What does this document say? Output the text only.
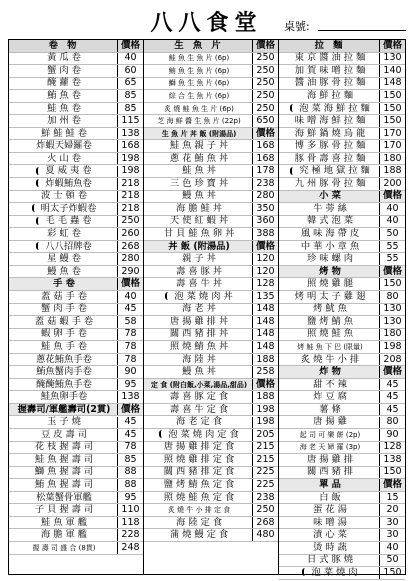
八八食堂	桌號:
卷 物	價格
黃 瓜 卷	40
蟹 肉 卷	60
醃 蘿 卷	65
鮪 魚 卷	85
鮭 魚 卷	85
加 州 卷	115
鮮 鮭 鮭 卷	138
炸蝦天婦羅卷	168
火 山 卷	198
夏 威 夷 卷	198
炸蝦鮪魚卷	218
波 士 頓 卷	218
明太子炸蝦卷	218
毛 毛 蟲 卷	250
彩 虹 卷	260
八八招牌卷	268
星 鰻 卷	280
鰻 魚 卷	290
手 卷	價格
蓋 菇 手 卷	40
蟹 肉 手 卷	45
蓋 菇 蝦 手 卷	58
蝦 卵 手 卷	78
鮭 魚 手 卷	78
蔥花鮪魚手卷	78
鮪魚蟹肉手卷	90
醃醃鮪魚手卷	95
鮭魚卵手卷	138
握壽司/軍艦壽司(2貫)	價格
玉 子 燒	45
豆 皮 壽 司	45
花 枝 握 壽 司	78
鮭 魚 握 壽 司	85
鰤 魚 握 壽 司	88
鮪 魚 握 壽 司	88
松葉蟹骨軍艦	95
子 貝 握 壽 司	110
鮭 魚 軍 艦	118
海 膽 軍 艦	228
握 壽 司 盛 合 (8貫)	248
生 魚 片	價格
鮭 魚 生 魚 片 (6p)	250
鮪 魚 生 魚 片 (6p)	250
鰤 魚 生 魚 片 (6p)	250
綜 合 生 魚 片 (6p)	250
炙 燒 鮭 魚 生 片 (6p)	250
芝 海 鮮 醬 生 魚 片 (22p)	650
生 魚 片 丼 飯 (附湯品)	價格
鮭 魚 親 子 丼	168
蔥 花 鮪 魚 丼	168
鮭 魚 丼	178
三 色 珍 寶 丼	238
鰻 魚 丼	280
海 膽 鮭 丼	350
天 使 紅 蝦 丼	360
甘 貝 鮭 魚 卵 丼	388
丼 飯 (附湯品)	價格
親 子 丼	120
壽 喜 豚 丼	120
壽 喜 牛 丼	128
泡 菜 燒 肉 丼	135
海 老 丼	148
唐 揚 雞 排 丼	148
關 西 豬 排 丼	148
照 燒 鯖 魚 丼	148
海 陸 丼	188
鰻 魚 丼	258
定 食 (附白飯,小菜,湯品,甜品) 價格
壽 喜 豚 定 食	188
壽 喜 牛 定 食	198
海 老 定 食	198
泡 菜 燒 肉 定 食	205
唐 揚 雞 排 定 食	215
照 燒 雞 排 定 食	215
關 西 豬 排 定 食	225
鹽 烤 鯖 魚 定 食	225
照 燒 鮭 魚 定 食	238
炙 燒 牛 小 排 定 食	250
海 陸 定 食	268
蒲 燒 鰻 定 食	480
拉 麵	價格
東 京 醬 油 拉 麵	130
加 賀 味 噌 拉 麵	140
醬 油 豚 骨 拉 麵	148
海 鮮 拉 麵	150
泡 菜 海 鮮 拉 麵	150
味 噌 海 鮮 拉 麵	150
海 鮮 鍋 燒 烏 龍	170
博 多 豚 骨 拉 麵	170
豚 骨 壽 喜 拉 麵	180
究 極 地 獄 拉 麵	188
九 州 豚 骨 拉 麵	200
小 菜	價格
牛 蒡 絲	40
韓 式 泡 菜	40
風 味 海 帶 皮	50
中 華 小 章 魚	55
珍 味 螺 肉	55
烤 物	價格
照 燒 雞 腿	150
烤 明 太 子 雞 翅	80
烤 魷 魚	130
鹽 烤 鯖 魚	130
照 燒 鮭 魚	180
烤 鮭 魚 下 巴 (限量)	198
炙 燒 牛 小 排	208
炸 物	價格
甜 不 辣	45
炸 豆 腐	45
薯 條	45
唐 揚 雞	80
起 司 可 樂 餅 (2p)	90
海 老 天 婦 羅 (3p)	128
唐 揚 雞 排	138
關 西 豬 排	150
單 品	價格
白 飯	15
蛋 花 湯	20
味 噌 湯	30
漬 心 菜	30
烫 時 蔬	40
日 式 豚 燒	50
泡 菜 燒 肉	150
